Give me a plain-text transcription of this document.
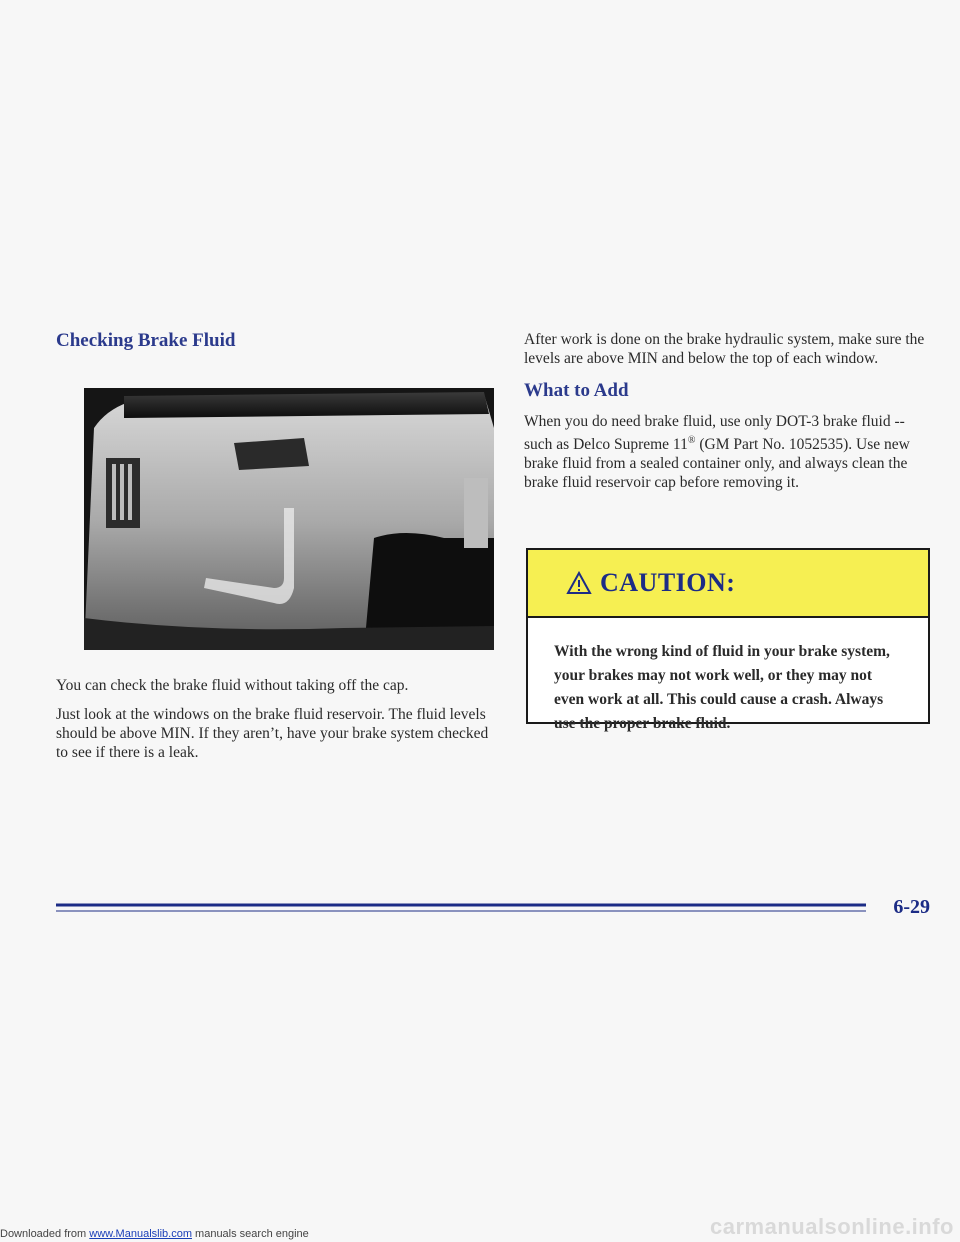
Checking Brake Fluid

You can check the brake fluid without taking off the cap.

Just look at the windows on the brake fluid reservoir. The fluid levels should be above MIN. If they aren’t, have your brake system checked to see if there is a leak.

After work is done on the brake hydraulic system, make sure the levels are above MIN and below the top of each window.

What to Add

When you do need brake fluid, use only DOT-3 brake fluid -- such as Delco Supreme 11® (GM Part No. 1052535). Use new brake fluid from a sealed container only, and always clean the brake fluid reservoir cap before removing it.

CAUTION:
With the wrong kind of fluid in your brake system, your brakes may not work well, or they may not even work at all. This could cause a crash. Always use the proper brake fluid.
6-29
Downloaded from www.Manualslib.com manuals search engine	carmanualsonline.info
